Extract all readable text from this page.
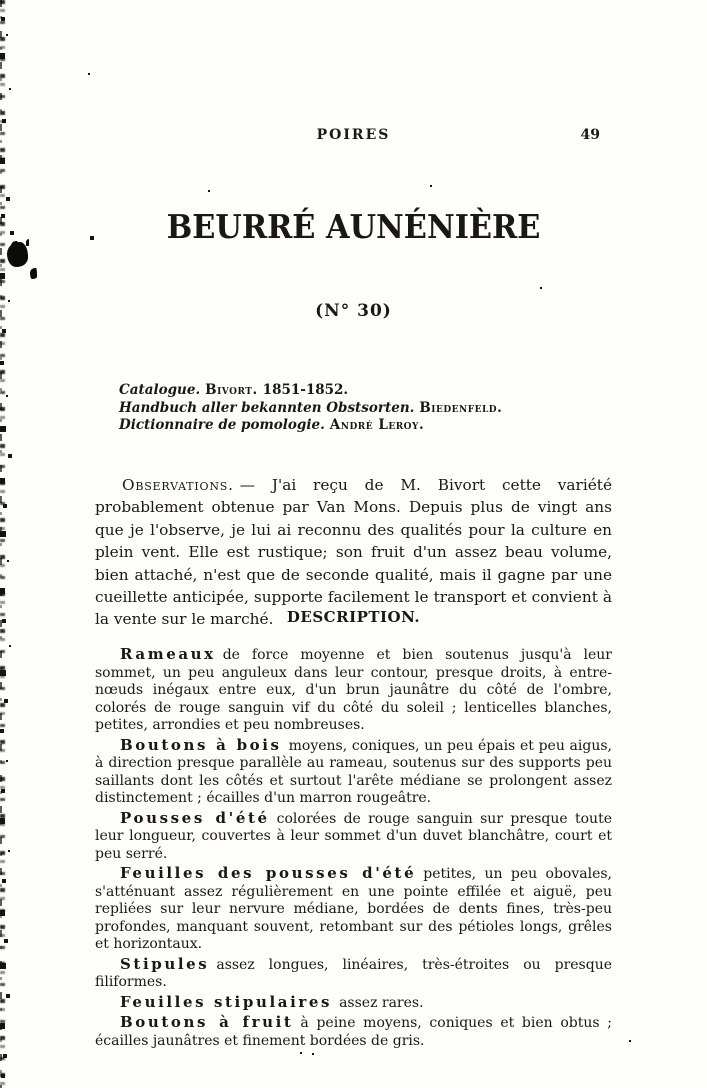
POIRES	49
BEURRÉ AUNÉNIÈRE
(N° 30)
Catalogue. Bivort. 1851-1852.
Handbuch aller bekannten Obstsorten. Biedenfeld.
Dictionnaire de pomologie. André Leroy.

Observations. — J'ai reçu de M. Bivort cette variété probablement obtenue par Van Mons. Depuis plus de vingt ans que je l'observe, je lui ai reconnu des qualités pour la culture en plein vent. Elle est rustique; son fruit d'un assez beau volume, bien attaché, n'est que de seconde qualité, mais il gagne par une cueillette anticipée, supporte facilement le transport et convient à la vente sur le marché. DESCRIPTION.

Rameaux de force moyenne et bien soutenus jusqu'à leur sommet, un peu anguleux dans leur contour, presque droits, à entre-nœuds inégaux entre eux, d'un brun jaunâtre du côté de l'ombre, colorés de rouge sanguin vif du côté du soleil ; lenticelles blanches, petites, arrondies et peu nombreuses.

Boutons à bois moyens, coniques, un peu épais et peu aigus, à direction presque parallèle au rameau, soutenus sur des supports peu saillants dont les côtés et surtout l'arête médiane se prolongent assez distinctement ; écailles d'un marron rougeâtre.

Pousses d'été colorées de rouge sanguin sur presque toute leur longueur, couvertes à leur sommet d'un duvet blanchâtre, court et peu serré.

Feuilles des pousses d'été petites, un peu obovales, s'atténuant assez régulièrement en une pointe effilée et aiguë, peu repliées sur leur nervure médiane, bordées de dents fines, très-peu profondes, manquant souvent, retombant sur des pétioles longs, grêles et horizontaux.

Stipules assez longues, linéaires, très-étroites ou presque filiformes.

Feuilles stipulaires assez rares.

Boutons à fruit à peine moyens, coniques et bien obtus ; écailles jaunâtres et finement bordées de gris.
